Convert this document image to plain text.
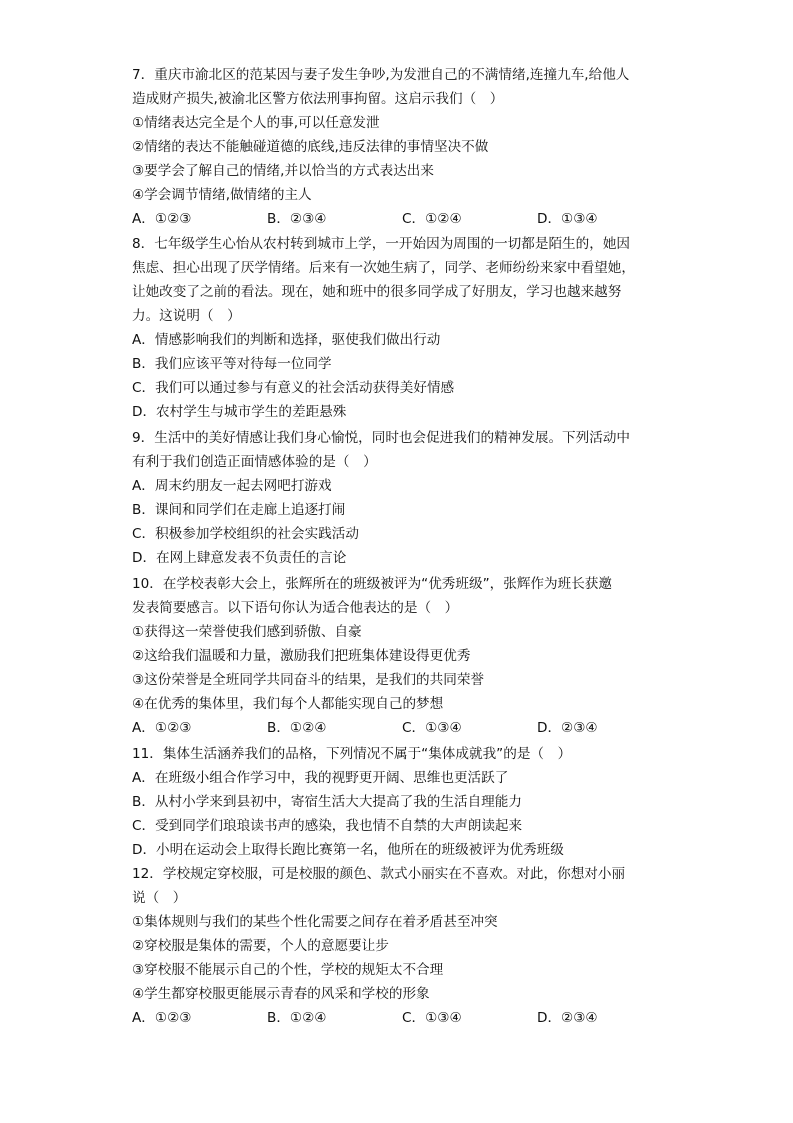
7．重庆市渝北区的范某因与妻子发生争吵,为发泄自己的不满情绪,连撞九车,给他人
造成财产损失,被渝北区警方依法刑事拘留。这启示我们（　）
①情绪表达完全是个人的事,可以任意发泄
②情绪的表达不能触碰道德的底线,违反法律的事情坚决不做
③要学会了解自己的情绪,并以恰当的方式表达出来
④学会调节情绪,做情绪的主人
A．①②③	B．②③④	C．①②④	D．①③④
8．七年级学生心怡从农村转到城市上学，一开始因为周围的一切都是陌生的，她因
焦虑、担心出现了厌学情绪。后来有一次她生病了，同学、老师纷纷来家中看望她，
让她改变了之前的看法。现在，她和班中的很多同学成了好朋友，学习也越来越努
力。这说明（　）
A．情感影响我们的判断和选择，驱使我们做出行动
B．我们应该平等对待每一位同学
C．我们可以通过参与有意义的社会活动获得美好情感
D．农村学生与城市学生的差距悬殊
9．生活中的美好情感让我们身心愉悦，同时也会促进我们的精神发展。下列活动中
有利于我们创造正面情感体验的是（　）
A．周末约朋友一起去网吧打游戏
B．课间和同学们在走廊上追逐打闹
C．积极参加学校组织的社会实践活动
D．在网上肆意发表不负责任的言论
10．在学校表彰大会上，张辉所在的班级被评为“优秀班级”，张辉作为班长获邀
发表简要感言。以下语句你认为适合他表达的是（　）
①获得这一荣誉使我们感到骄傲、自豪
②这给我们温暖和力量，激励我们把班集体建设得更优秀
③这份荣誉是全班同学共同奋斗的结果，是我们的共同荣誉
④在优秀的集体里，我们每个人都能实现自己的梦想
A．①②③	B．①②④	C．①③④	D．②③④
11．集体生活涵养我们的品格，下列情况不属于“集体成就我”的是（　）
A．在班级小组合作学习中，我的视野更开阔、思维也更活跃了
B．从村小学来到县初中，寄宿生活大大提高了我的生活自理能力
C．受到同学们琅琅读书声的感染，我也情不自禁的大声朗读起来
D．小明在运动会上取得长跑比赛第一名，他所在的班级被评为优秀班级
12．学校规定穿校服，可是校服的颜色、款式小丽实在不喜欢。对此，你想对小丽
说（　）
①集体规则与我们的某些个性化需要之间存在着矛盾甚至冲突
②穿校服是集体的需要，个人的意愿要让步
③穿校服不能展示自己的个性，学校的规矩太不合理
④学生都穿校服更能展示青春的风采和学校的形象
A．①②③	B．①②④	C．①③④	D．②③④
